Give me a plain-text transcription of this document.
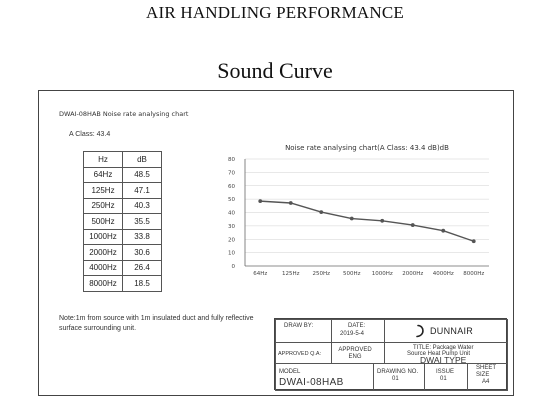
AIR HANDLING PERFORMANCE
Sound Curve
DWAI-08HAB Noise rate analysing chart
A Class: 43.4
Hz	dB
64Hz	48.5
125Hz	47.1
250Hz	40.3
500Hz	35.5
1000Hz	33.8
2000Hz	30.6
4000Hz	26.4
8000Hz	18.5
Noise rate analysing chart(A Class: 43.4 dB)dB
0
10
20
30
40
50
60
70
80
64Hz	125Hz 250Hz 500Hz 1000Hz 2000Hz 4000Hz 8000Hz
Note:1m from source with 1m insulated duct and fully reflective surface surrounding unit.	DRAW BY:	DATE:
2019-5-4	DUNNAIR
APPROVED Q.A:
APPROVED ENG
TITLE: Package Water
Source Heat Pump Unit
DWAI TYPE
MODEL
DWAI-08HAB
DRAWING NO.
01
ISSUE
01
SHEET
SIZE
A4
